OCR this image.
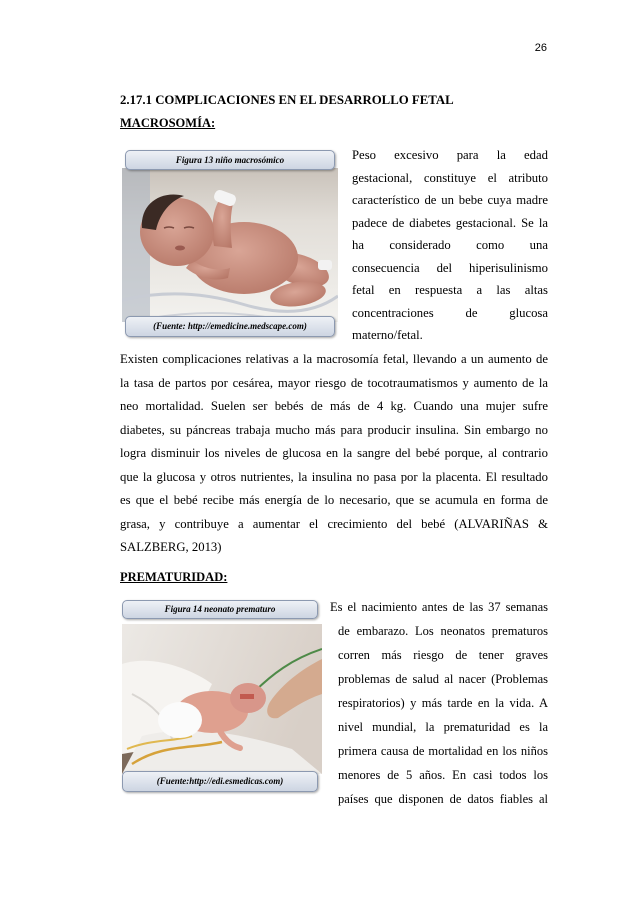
26
2.17.1 COMPLICACIONES EN EL DESARROLLO FETAL
MACROSOMÍA:
Figura 13 niño macrosómico
(Fuente: http://emedicine.medscape.com)
Peso excesivo para la edad
gestacional, constituye el atributo
característico de un bebe cuya madre
padece de diabetes gestacional. Se la
ha considerado como una
consecuencia del hiperisulinismo
fetal en respuesta a las altas
concentraciones de glucosa
materno/fetal.
Existen complicaciones relativas a la macrosomía fetal, llevando a un aumento de
la tasa de partos por cesárea, mayor riesgo de tocotraumatismos y aumento de la
neo mortalidad. Suelen ser bebés de más de 4 kg. Cuando una mujer sufre
diabetes, su páncreas trabaja mucho más para producir insulina. Sin embargo no
logra disminuir los niveles de glucosa en la sangre del bebé porque, al contrario
que la glucosa y otros nutrientes, la insulina no pasa por la placenta. El resultado
es que el bebé recibe más energía de lo necesario, que se acumula en forma de
grasa, y contribuye a aumentar el crecimiento del bebé (ALVARIÑAS &
SALZBERG, 2013)
PREMATURIDAD:
Figura 14 neonato prematuro
(Fuente:http://edi.esmedicas.com)
Es el nacimiento antes de las 37 semanas
de embarazo. Los neonatos prematuros
corren más riesgo de tener graves
problemas de salud al nacer (Problemas
respiratorios) y más tarde en la vida. A
nivel mundial, la prematuridad es la
primera causa de mortalidad en los niños
menores de 5 años. En casi todos los
países que disponen de datos fiables al
